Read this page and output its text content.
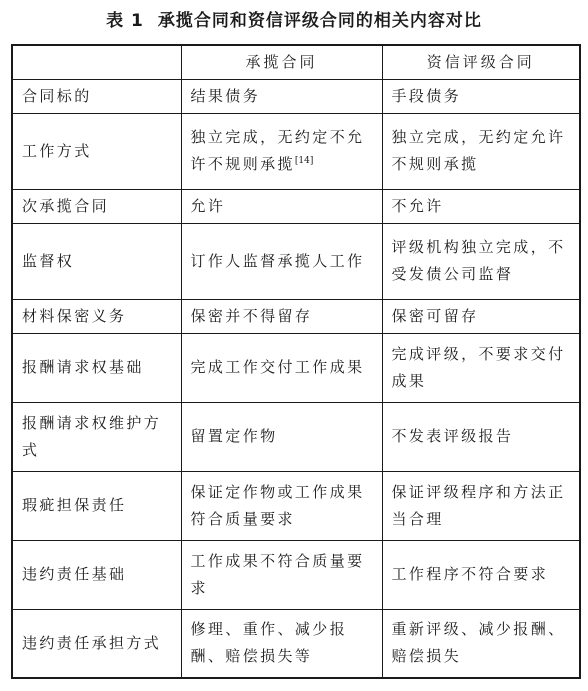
表 1 承揽合同和资信评级合同的相关内容对比
	承揽合同	资信评级合同
合同标的	结果债务	手段债务
工作方式	独立完成，无约定不允许不规则承揽[14]	独立完成，无约定允许不规则承揽
次承揽合同	允许	不允许
监督权	订作人监督承揽人工作	评级机构独立完成，不受发债公司监督
材料保密义务	保密并不得留存	保密可留存
报酬请求权基础	完成工作交付工作成果	完成评级，不要求交付成果
报酬请求权维护方式	留置定作物	不发表评级报告
瑕疵担保责任	保证定作物或工作成果符合质量要求	保证评级程序和方法正当合理
违约责任基础	工作成果不符合质量要求	工作程序不符合要求
违约责任承担方式	修理、重作、减少报酬、赔偿损失等	重新评级、减少报酬、赔偿损失
